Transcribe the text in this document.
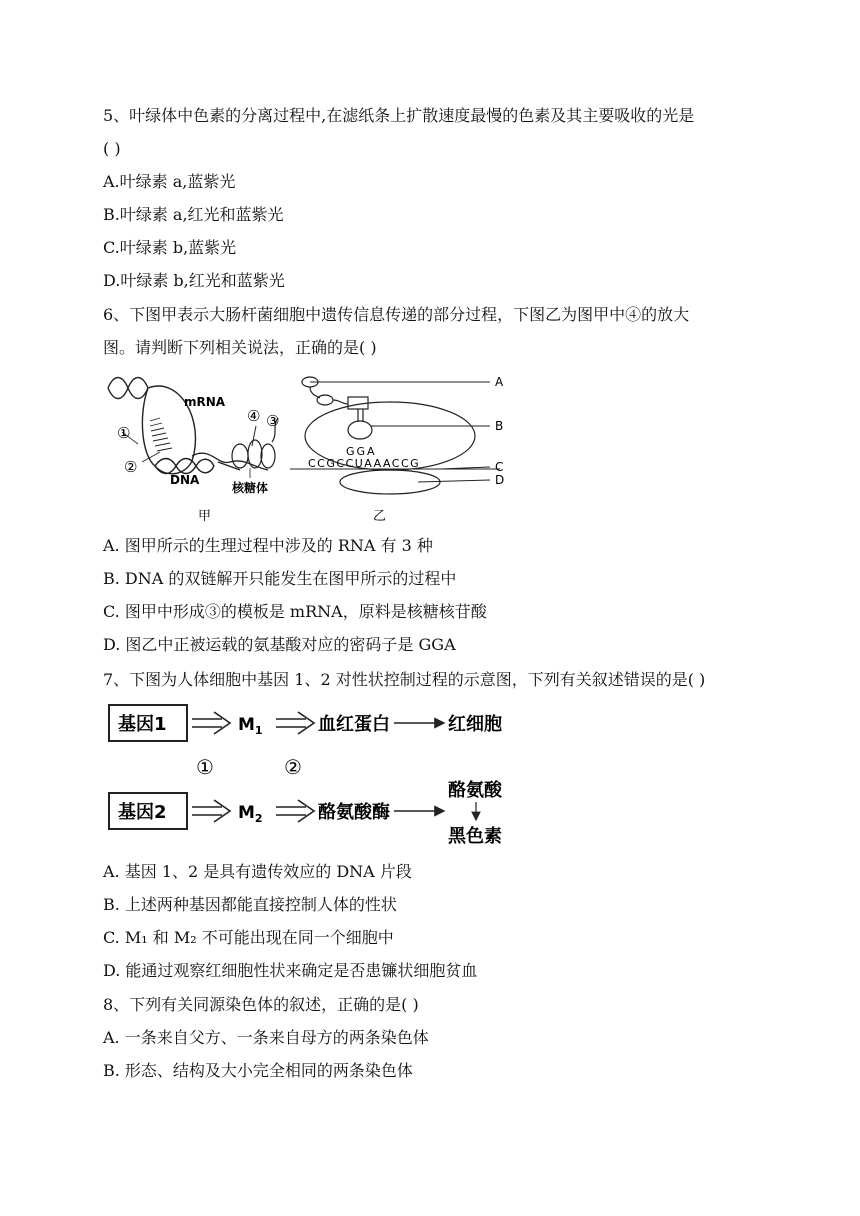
5、叶绿体中色素的分离过程中,在滤纸条上扩散速度最慢的色素及其主要吸收的光是
( )
A.叶绿素 a,蓝紫光
B.叶绿素 a,红光和蓝紫光
C.叶绿素 b,蓝紫光
D.叶绿素 b,红光和蓝紫光
6、下图甲表示大肠杆菌细胞中遗传信息传递的部分过程，下图乙为图甲中④的放大
图。请判断下列相关说法，正确的是( )
mRNA
DNA
核糖体
①
②
③
④
甲
GGA
CCGCCUAAACCG
A
B
C
D
乙
A. 图甲所示的生理过程中涉及的 RNA 有 3 种
B. DNA 的双链解开只能发生在图甲所示的过程中
C. 图甲中形成③的模板是 mRNA，原料是核糖核苷酸
D. 图乙中正被运载的氨基酸对应的密码子是 GGA
7、下图为人体细胞中基因 1、2 对性状控制过程的示意图，下列有关叙述错误的是( )
基因1	$M_1$	血红蛋白	红细胞
①	②
基因2	$M_2$	酪氨酸酶
酪氨酸
黑色素
A. 基因 1、2 是具有遗传效应的 DNA 片段
B. 上述两种基因都能直接控制人体的性状
C. M₁ 和 M₂ 不可能出现在同一个细胞中
D. 能通过观察红细胞性状来确定是否患镰状细胞贫血
8、下列有关同源染色体的叙述，正确的是( )
A. 一条来自父方、一条来自母方的两条染色体
B. 形态、结构及大小完全相同的两条染色体
